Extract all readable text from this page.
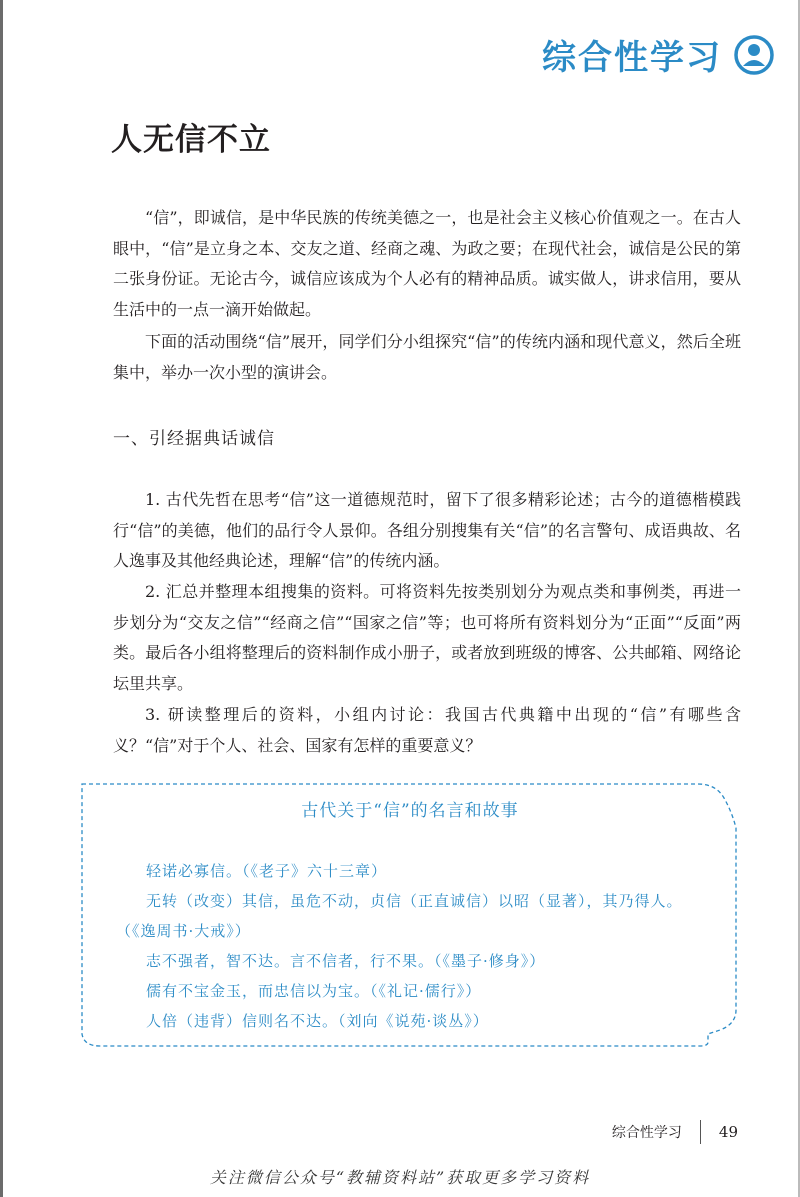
综合性学习
人无信不立

“信”，即诚信，是中华民族的传统美德之一，也是社会主义核心价值观之一。在古人眼中，“信”是立身之本、交友之道、经商之魂、为政之要；在现代社会，诚信是公民的第二张身份证。无论古今，诚信应该成为个人必有的精神品质。诚实做人，讲求信用，要从生活中的一点一滴开始做起。

下面的活动围绕“信”展开，同学们分小组探究“信”的传统内涵和现代意义，然后全班集中，举办一次小型的演讲会。

一、引经据典话诚信

1. 古代先哲在思考“信”这一道德规范时，留下了很多精彩论述；古今的道德楷模践行“信”的美德，他们的品行令人景仰。各组分别搜集有关“信”的名言警句、成语典故、名人逸事及其他经典论述，理解“信”的传统内涵。

2. 汇总并整理本组搜集的资料。可将资料先按类别划分为观点类和事例类，再进一步划分为“交友之信”“经商之信”“国家之信”等；也可将所有资料划分为“正面”“反面”两类。最后各小组将整理后的资料制作成小册子，或者放到班级的博客、公共邮箱、网络论坛里共享。

3. 研读整理后的资料，小组内讨论：我国古代典籍中出现的“信”有哪些含义？“信”对于个人、社会、国家有怎样的重要意义？

古代关于“信”的名言和故事

轻诺必寡信。（《老子》六十三章）

无转（改变）其信，虽危不动，贞信（正直诚信）以昭（显著），其乃得人。（《逸周书·大戒》）

志不强者，智不达。言不信者，行不果。（《墨子·修身》）

儒有不宝金玉，而忠信以为宝。（《礼记·儒行》）

人倍（违背）信则名不达。（刘向《说苑·谈丛》）

综合性学习 49
关注微信公众号“教辅资料站”获取更多学习资料
